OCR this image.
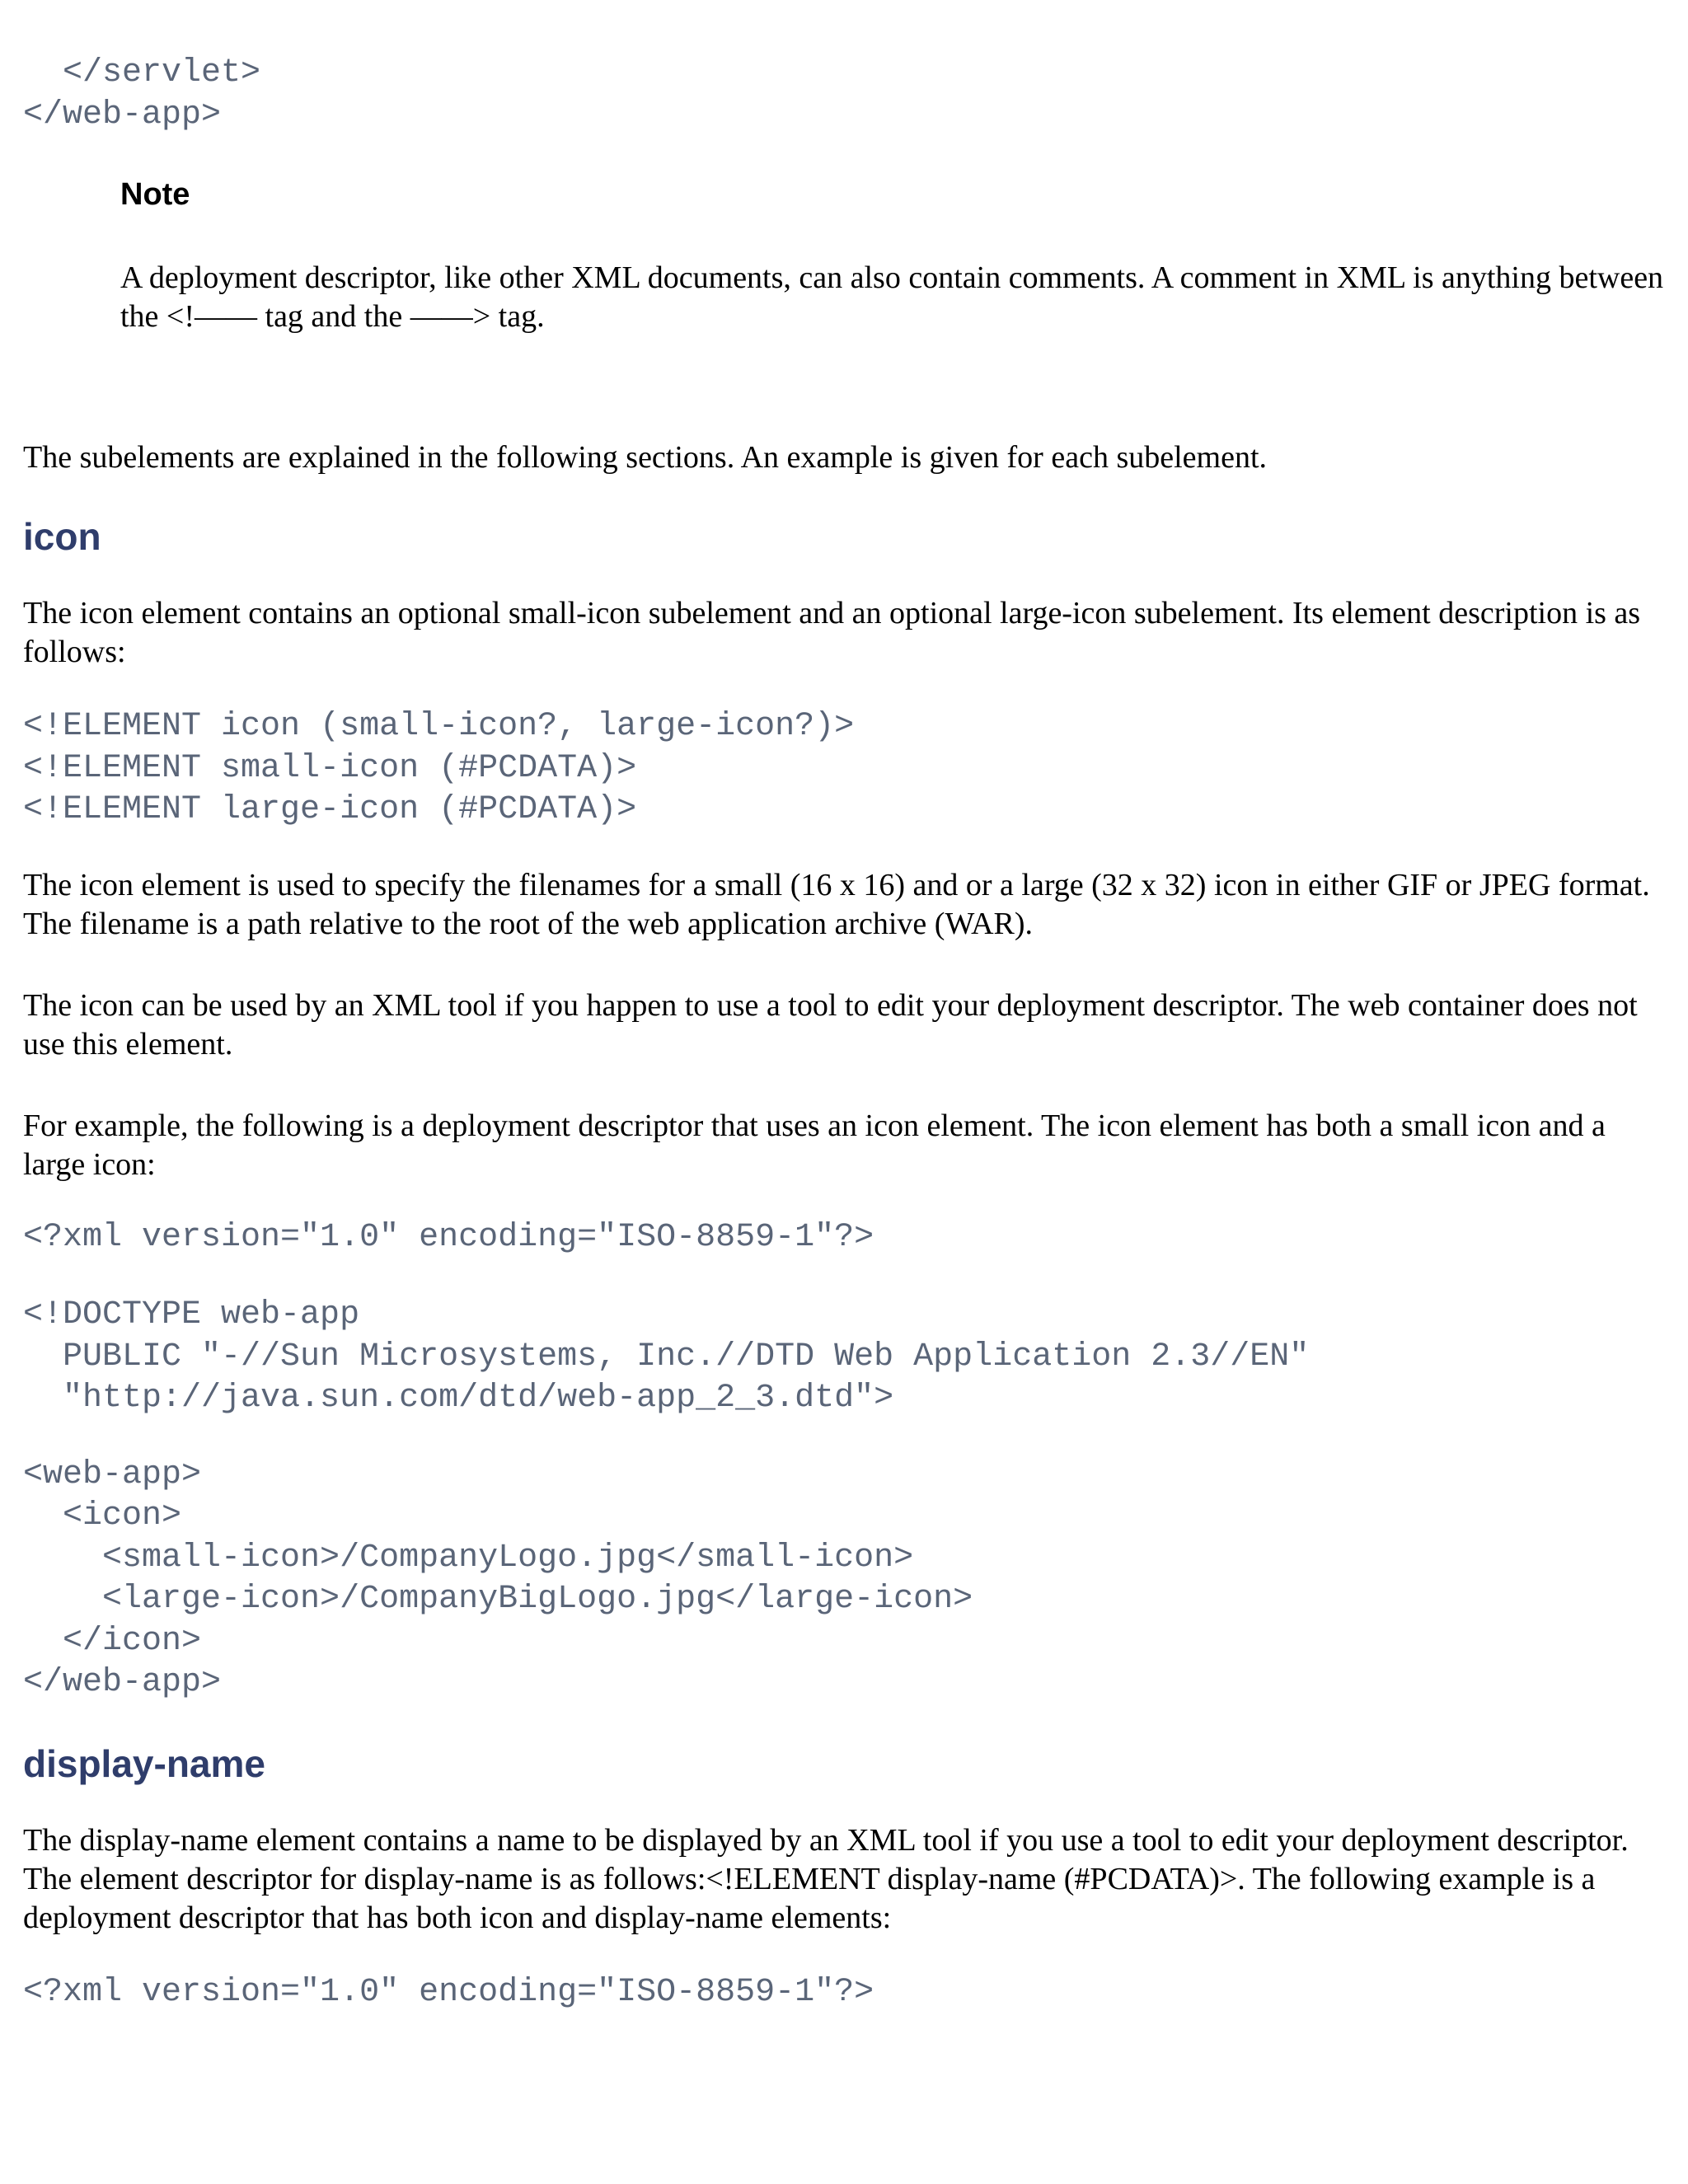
</servlet>
</web-app>
Note

A deployment descriptor, like other XML documents, can also contain comments. A comment in XML is anything between the <!—— tag and the ——> tag.

The subelements are explained in the following sections. An example is given for each subelement.

icon

The icon element contains an optional small-icon subelement and an optional large-icon subelement. Its element description is as follows:

<!ELEMENT icon (small-icon?, large-icon?)>
<!ELEMENT small-icon (#PCDATA)>
<!ELEMENT large-icon (#PCDATA)>

The icon element is used to specify the filenames for a small (16 x 16) and or a large (32 x 32) icon in either GIF or JPEG format. The filename is a path relative to the root of the web application archive (WAR).

The icon can be used by an XML tool if you happen to use a tool to edit your deployment descriptor. The web container does not use this element.

For example, the following is a deployment descriptor that uses an icon element. The icon element has both a small icon and a large icon:

<?xml version="1.0" encoding="ISO-8859-1"?>
<!DOCTYPE web-app
PUBLIC "-//Sun Microsystems, Inc.//DTD Web Application 2.3//EN"
"http://java.sun.com/dtd/web-app_2_3.dtd">
<web-app>
<icon>
<small-icon>/CompanyLogo.jpg</small-icon>
<large-icon>/CompanyBigLogo.jpg</large-icon>
</icon>
</web-app>
display-name

The display-name element contains a name to be displayed by an XML tool if you use a tool to edit your deployment descriptor. The element descriptor for display-name is as follows:<!ELEMENT display-name (#PCDATA)>. The following example is a deployment descriptor that has both icon and display-name elements:

<?xml version="1.0" encoding="ISO-8859-1"?>
